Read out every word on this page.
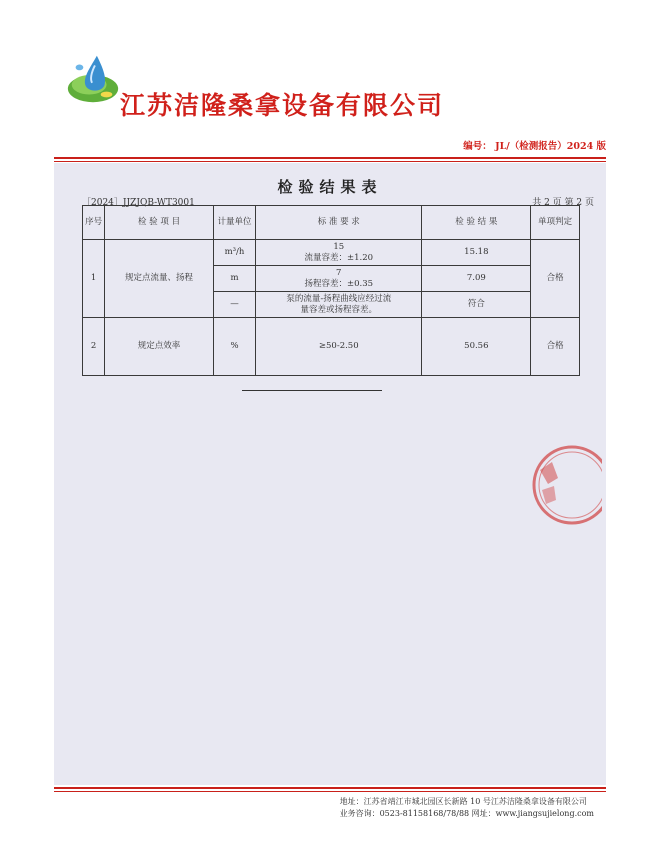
江苏洁隆桑拿设备有限公司
编号： JL/（检测报告）2024 版
检验结果表
［2024］JJZJQB-WT3001	共 2 页 第 2 页
序号	检 验 项 目	计量单位	标 准 要 求	检 验 结 果	单项判定
1	规定点流量、扬程	m³/h	15
流量容差：±1.20	15.18	合格
		m	7
扬程容差：±0.35	7.09	
		—	泵的流量-扬程曲线应经过流
量容差或扬程容差。	符合	
2	规定点效率	%	≥50-2.50	50.56	合格
地址：江苏省靖江市城北园区长新路 10 号江苏洁隆桑拿设备有限公司
业务咨询：0523-81158168/78/88 网址：www.jiangsujielong.com
